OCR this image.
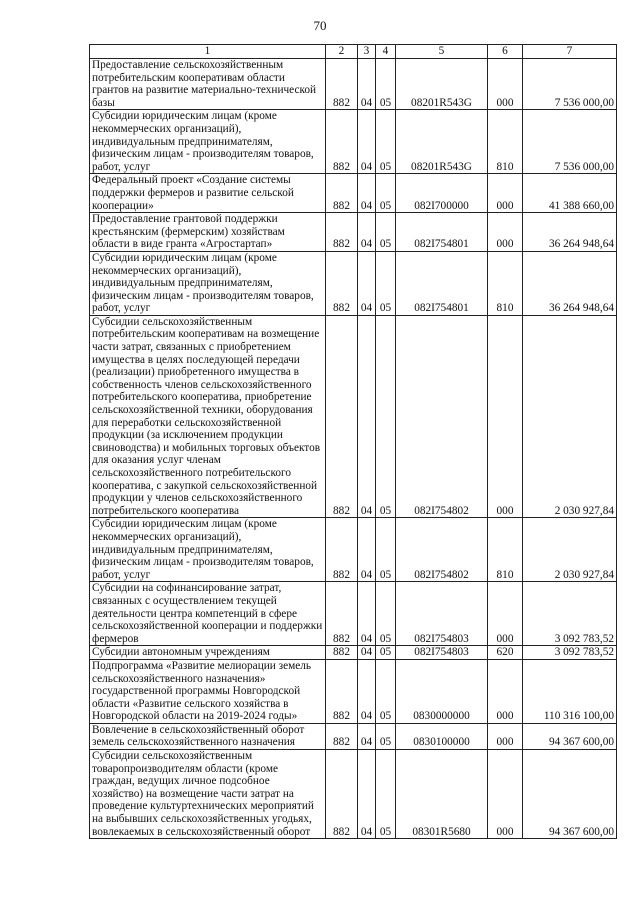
70
1	2	3	4	5	6	7
Предоставление сельскохозяйственным потребительским кооперативам области грантов на развитие материально-технической базы	882	04	05	08201R543G	000	7 536 000,00
Субсидии юридическим лицам (кроме некоммерческих организаций), индивидуальным предпринимателям, физическим лицам - производителям товаров, работ, услуг	882	04	05	08201R543G	810	7 536 000,00
Федеральный проект «Создание системы поддержки фермеров и развитие сельской кооперации»	882	04	05	082I700000	000	41 388 660,00
Предоставление грантовой поддержки крестьянским (фермерским) хозяйствам области в виде гранта «Агростартап»	882	04	05	082I754801	000	36 264 948,64
Субсидии юридическим лицам (кроме некоммерческих организаций), индивидуальным предпринимателям, физическим лицам - производителям товаров, работ, услуг	882	04	05	082I754801	810	36 264 948,64
Субсидии сельскохозяйственным потребительским кооперативам на возмещение части затрат, связанных с приобретением имущества в целях последующей передачи (реализации) приобретенного имущества в собственность членов сельскохозяйственного потребительского кооператива, приобретение сельскохозяйственной техники, оборудования для переработки сельскохозяйственной продукции (за исключением продукции свиноводства) и мобильных торговых объектов для оказания услуг членам сельскохозяйственного потребительского кооператива, с закупкой сельскохозяйственной продукции у членов сельскохозяйственного потребительского кооператива	882	04	05	082I754802	000	2 030 927,84
Субсидии юридическим лицам (кроме некоммерческих организаций), индивидуальным предпринимателям, физическим лицам - производителям товаров, работ, услуг	882	04	05	082I754802	810	2 030 927,84
Субсидии на софинансирование затрат, связанных с осуществлением текущей деятельности центра компетенций в сфере сельскохозяйственной кооперации и поддержки фермеров	882	04	05	082I754803	000	3 092 783,52
Субсидии автономным учреждениям	882	04	05	082I754803	620	3 092 783,52
Подпрограмма «Развитие мелиорации земель сельскохозяйственного назначения» государственной программы Новгородской области «Развитие сельского хозяйства в Новгородской области на 2019-2024 годы»	882	04	05	0830000000	000	110 316 100,00
Вовлечение в сельскохозяйственный оборот земель сельскохозяйственного назначения	882	04	05	0830100000	000	94 367 600,00
Субсидии сельскохозяйственным товаропроизводителям области (кроме граждан, ведущих личное подсобное хозяйство) на возмещение части затрат на проведение культуртехнических мероприятий на выбывших сельскохозяйственных угодьях, вовлекаемых в сельскохозяйственный оборот	882	04	05	08301R5680	000	94 367 600,00
